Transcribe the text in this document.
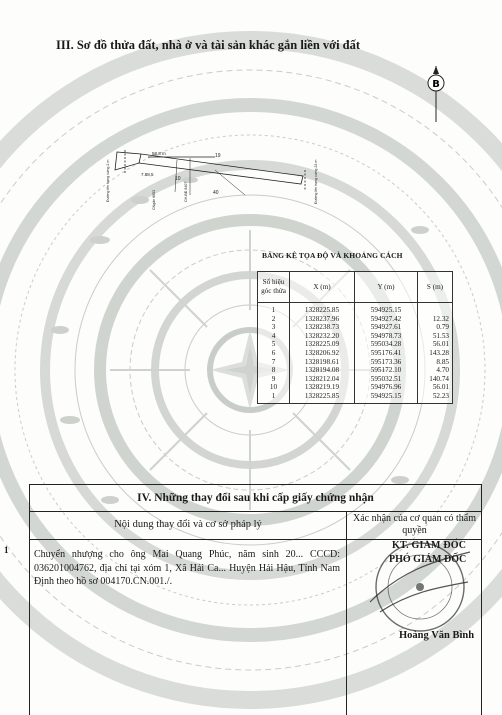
III. Sơ đồ thửa đất, nhà ở và tài sản khác gắn liền với đất
B
58,8 m
7.88,5
19
40
10
Đường lên hạng cứng 2 m	Đường lên hạng cứng 23 m
CNgân 6653	CH-BĐ 8407
BẢNG KÊ TỌA ĐỘ VÀ KHOẢNG CÁCH
Số hiệu góc thửa	X (m)	Y (m)	S (m)
1	1328225.85	594925.15	
2	1328237.96	594927.42	12.32
3	1328238.73	594927.61	0.79
4	1328232.20	594978.73	51.53
5	1328225.09	595034.28	56.01
6	1328206.92	595176.41	143.28
7	1328198.61	595173.36	8.85
8	1328194.08	595172.10	4.70
9	1328212.04	595032.51	140.74
10	1328219.19	594976.96	56.01
1	1328225.85	594925.15	52.23
IV. Những thay đổi sau khi cấp giấy chứng nhận
Nội dung thay đổi và cơ sở pháp lý
Xác nhận của cơ quan có thẩm quyền
Chuyển nhượng cho ông Mai Quang Phúc, năm sinh 20... CCCD: 036201004762, địa chỉ tại xóm 1, Xã Hải Ca... Huyện Hải Hậu, Tỉnh Nam Định theo hồ sơ 004170.CN.001./.
1	KT. GIÁM ĐỐC
PHÓ GIÁM ĐỐC
Hoàng Văn Bình
